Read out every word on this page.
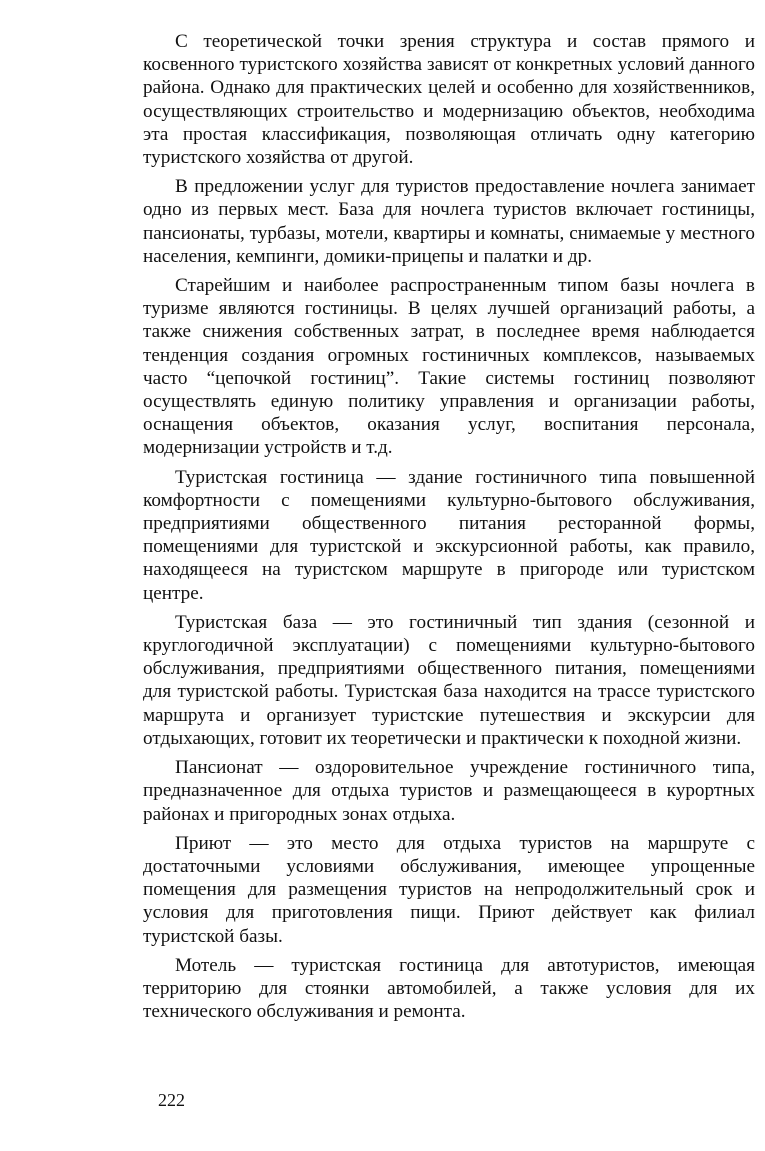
С теоретической точки зрения структура и состав прямого и косвенного туристского хозяйства зависят от конкретных условий данного района. Однако для практических целей и особенно для хозяйственников, осуществляющих строительство и модернизацию объектов, необходима эта простая классификация, позволяющая отличать одну категорию туристского хозяйства от другой.

В предложении услуг для туристов предоставление ночлега занимает одно из первых мест. База для ночлега туристов включает гостиницы, пансионаты, турбазы, мотели, квартиры и комнаты, снимаемые у местного населения, кемпинги, домики-прицепы и палатки и др.

Старейшим и наиболее распространенным типом базы ночлега в туризме являются гостиницы. В целях лучшей организаций работы, а также снижения собственных затрат, в последнее время наблюдается тенденция создания огромных гостиничных комплексов, называемых часто “цепочкой гостиниц”. Такие системы гостиниц позволяют осуществлять единую политику управления и организации работы, оснащения объектов, оказания услуг, воспитания персонала, модернизации устройств и т.д.

Туристская гостиница — здание гостиничного типа повышенной комфортности с помещениями культурно-бытового обслуживания, предприятиями общественного питания ресторанной формы, помещениями для туристской и экскурсионной работы, как правило, находящееся на туристском маршруте в пригороде или туристском центре.

Туристская база — это гостиничный тип здания (сезонной и круглогодичной эксплуатации) с помещениями культурно-бытового обслуживания, предприятиями общественного питания, помещениями для туристской работы. Туристская база находится на трассе туристского маршрута и организует туристские путешествия и экскурсии для отдыхающих, готовит их теоретически и практически к походной жизни.

Пансионат — оздоровительное учреждение гостиничного типа, предназначенное для отдыха туристов и размещающееся в курортных районах и пригородных зонах отдыха.

Приют — это место для отдыха туристов на маршруте с достаточными условиями обслуживания, имеющее упрощенные помещения для размещения туристов на непродолжительный срок и условия для приготовления пищи. Приют действует как филиал туристской базы.

Мотель — туристская гостиница для автотуристов, имеющая территорию для стоянки автомобилей, а также условия для их технического обслуживания и ремонта.

222
